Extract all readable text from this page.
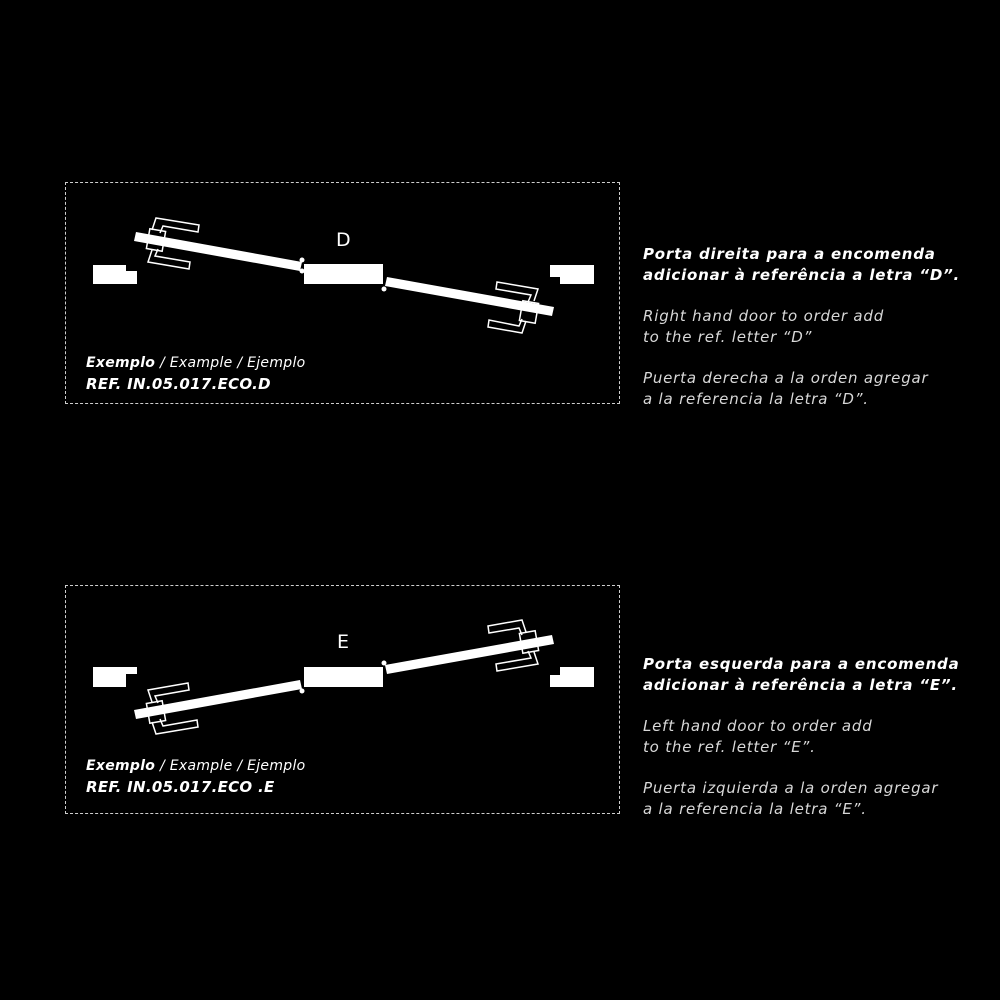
D
Exemplo / Example / Ejemplo
REF. IN.05.017.ECO.D
Porta direita para a encomenda
adicionar à referência a letra “D”.
Right hand door to order add
to the ref. letter “D”
Puerta derecha a la orden agregar
a la referencia la letra “D”.
E
Exemplo / Example / Ejemplo
REF. IN.05.017.ECO .E
Porta esquerda para a encomenda
adicionar à referência a letra “E”.
Left hand door to order add
to the ref. letter “E”.
Puerta izquierda a la orden agregar
a la referencia la letra “E”.
